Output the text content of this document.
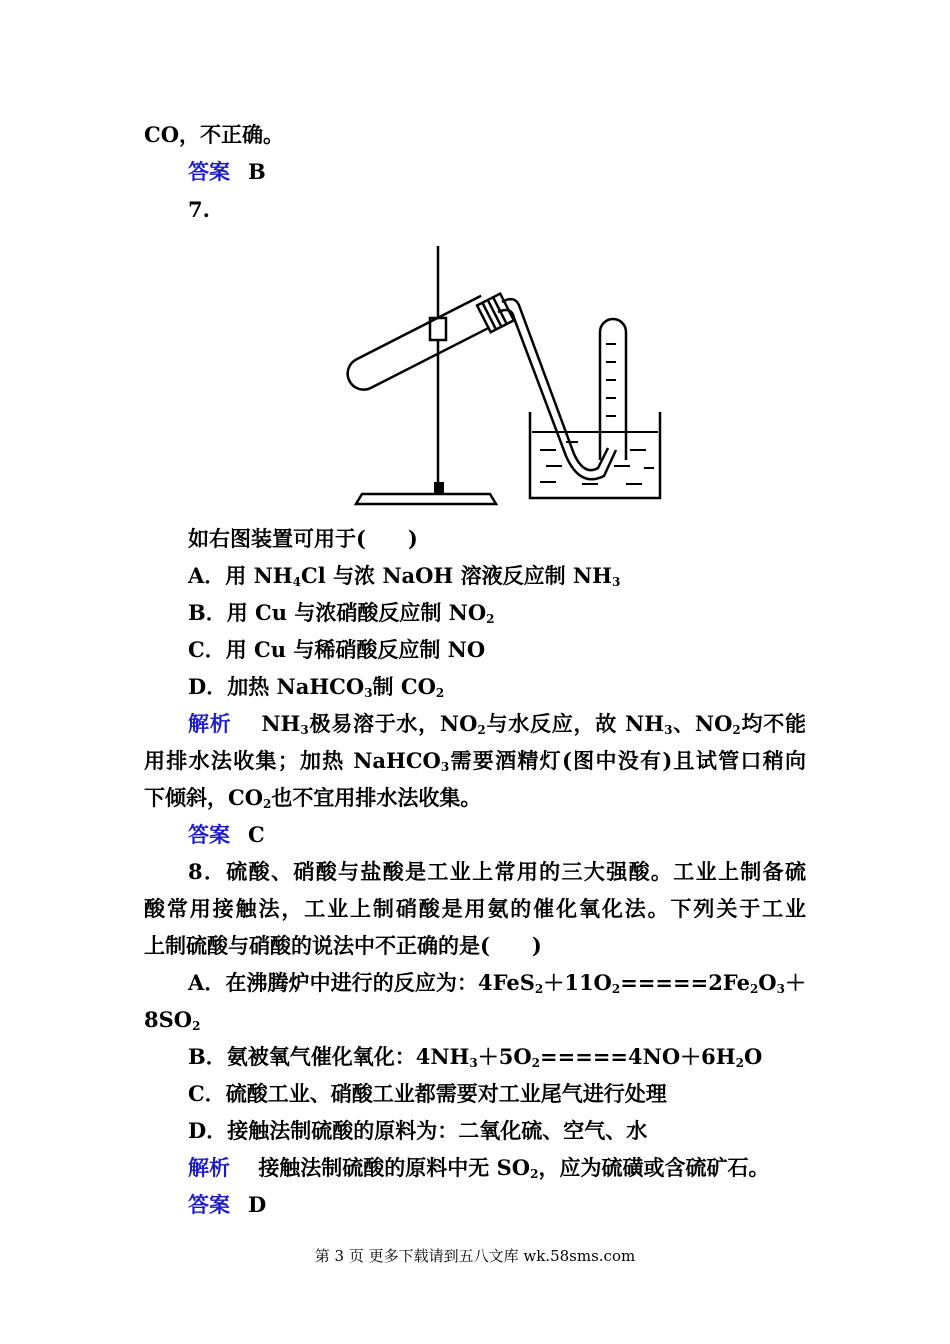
CO，不正确。
答案 B
7.
如右图装置可用于(　　)
A．用 $NH_4Cl$ 与浓 NaOH 溶液反应制 $NH_3$
B．用 Cu 与浓硝酸反应制 $NO_2$
C．用 Cu 与稀硝酸反应制 NO
D．加热 NaHCO$_3$制 $CO_2$
解析　 $NH_3$极易溶于水，$NO_2$与水反应，故 $NH_3$、$NO_2$均不能
用排水法收集；加热 NaHCO$_3$需要酒精灯(图中没有)且试管口稍向
下倾斜，$CO_2$也不宜用排水法收集。
答案 C
8．硫酸、硝酸与盐酸是工业上常用的三大强酸。工业上制备硫
酸常用接触法，工业上制硝酸是用氨的催化氧化法。下列关于工业
上制硫酸与硝酸的说法中不正确的是(　　)
A．在沸腾炉中进行的反应为：$4FeS_2+11O_2=====2Fe_2O_3+$
$8SO_2$
B．氨被氧气催化氧化：$4NH_3+5O_2=====4NO+6H_2O$
C．硫酸工业、硝酸工业都需要对工业尾气进行处理
D．接触法制硫酸的原料为：二氧化硫、空气、水
解析　 接触法制硫酸的原料中无 $SO_2$，应为硫磺或含硫矿石。
答案 D
第 3 页 更多下载请到五八文库 wk.58sms.com
